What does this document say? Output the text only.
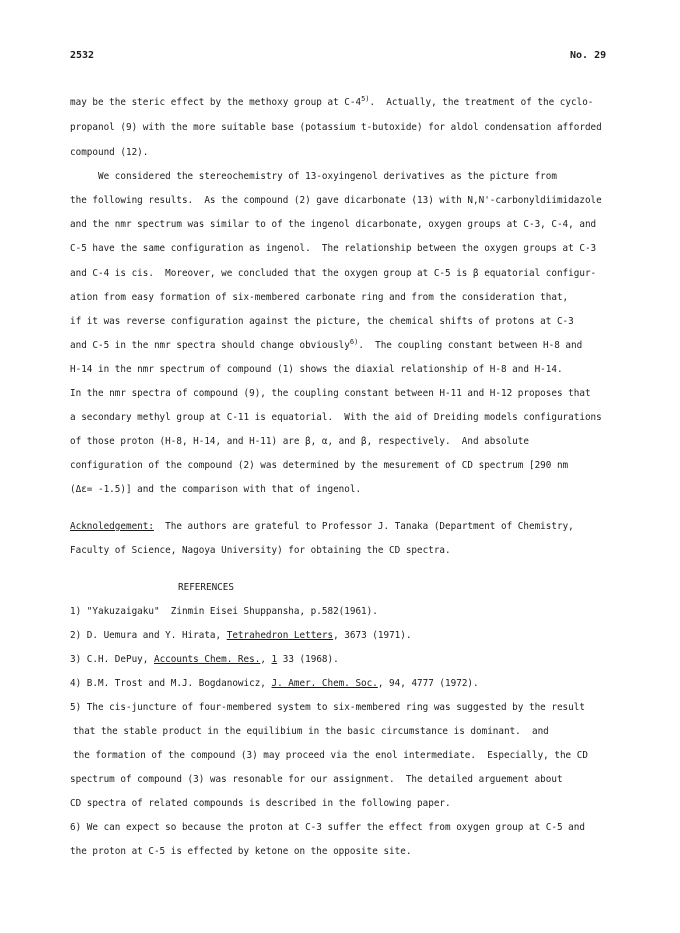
2532	No. 29
may be the steric effect by the methoxy group at C-4$^{5)}$.  Actually, the treatment of the cyclo-
propanol (9) with the more suitable base (potassium t-butoxide) for aldol condensation afforded
compound (12).
We considered the stereochemistry of 13-oxyingenol derivatives as the picture from
the following results.  As the compound (2) gave dicarbonate (13) with N,N'-carbonyldiimidazole
and the nmr spectrum was similar to of the ingenol dicarbonate, oxygen groups at C-3, C-4, and
C-5 have the same configuration as ingenol.  The relationship between the oxygen groups at C-3
and C-4 is cis.  Moreover, we concluded that the oxygen group at C-5 is β equatorial configur-
ation from easy formation of six-membered carbonate ring and from the consideration that,
if it was reverse configuration against the picture, the chemical shifts of protons at C-3
and C-5 in the nmr spectra should change obviously$^{6)}$.  The coupling constant between H-8 and
H-14 in the nmr spectrum of compound (1) shows the diaxial relationship of H-8 and H-14.
In the nmr spectra of compound (9), the coupling constant between H-11 and H-12 proposes that
a secondary methyl group at C-11 is equatorial.  With the aid of Dreiding models configurations
of those proton (H-8, H-14, and H-11) are β, α, and β, respectively.  And absolute
configuration of the compound (2) was determined by the mesurement of CD spectrum [290 nm
(Δε= -1.5)] and the comparison with that of ingenol.
Acknoledgement:  The authors are grateful to Professor J. Tanaka (Department of Chemistry,
Faculty of Science, Nagoya University) for obtaining the CD spectra.
REFERENCES
1) "Yakuzaigaku"  Zinmin Eisei Shuppansha, p.582(1961).
2) D. Uemura and Y. Hirata, Tetrahedron Letters, 3673 (1971).
3) C.H. DePuy, Accounts Chem. Res., 1 33 (1968).
4) B.M. Trost and M.J. Bogdanowicz, J. Amer. Chem. Soc., 94, 4777 (1972).
5) The cis-juncture of four-membered system to six-membered ring was suggested by the result
that the stable product in the equilibium in the basic circumstance is dominant.  and
the formation of the compound (3) may proceed via the enol intermediate.  Especially, the CD
spectrum of compound (3) was resonable for our assignment.  The detailed arguement about
CD spectra of related compounds is described in the following paper.
6) We can expect so because the proton at C-3 suffer the effect from oxygen group at C-5 and
the proton at C-5 is effected by ketone on the opposite site.
